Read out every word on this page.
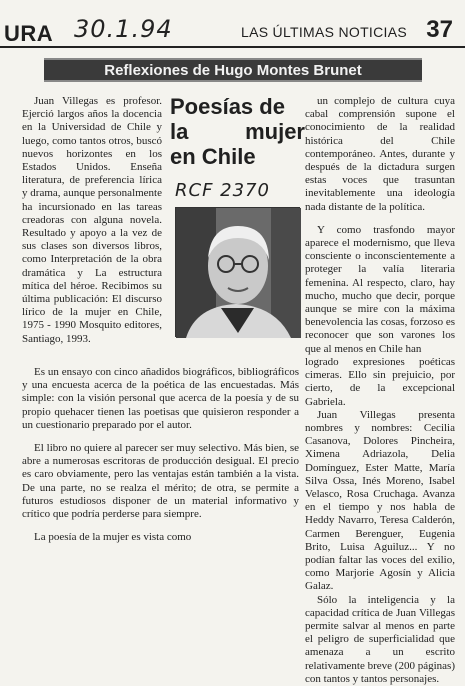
URA 30.1.94	LAS ÚLTIMAS NOTICIAS 37
Reflexiones de Hugo Montes Brunet

Juan Villegas es profesor. Ejerció largos años la docencia en la Universidad de Chile y luego, como tantos otros, buscó nuevos horizontes en los Estados Unidos. Enseña literatura, de preferencia lírica y drama, aunque personalmente ha incursionado en las tareas creadoras con alguna novela. Resultado y apoyo a la vez de sus clases son diversos libros, como Interpretación de la obra dramática y La estructura mítica del héroe. Recibimos su última publicación: El discurso lírico de la mujer en Chile, 1975 - 1990 Mosquito editores, Santiago, 1993.

Poesías de
la	mujer
en Chile
RCF 2370

Es un ensayo con cinco añadidos biográficos, bibliográficos y una encuesta acerca de la poética de las encuestadas. Más simple: con la visión personal que acerca de la poesía y de su propio quehacer tienen las poetisas que quisieron responder a un cuestionario preparado por el autor.

El libro no quiere al parecer ser muy selectivo. Más bien, se abre a numerosas escritoras de producción desigual. El precio es caro obviamente, pero las ventajas están también a la vista. De una parte, no se realza el mérito; de otra, se permite a futuros estudiosos disponer de un material informativo y crítico que podría perderse para siempre.

La poesía de la mujer es vista como

un complejo de cultura cuya cabal comprensión supone el conocimiento de la realidad histórica del Chile contemporáneo. Antes, durante y después de la dictadura surgen estas voces que trasuntan inevitablemente una ideología nada distante de la política.

Y como trasfondo mayor aparece el modernismo, que lleva consciente o inconscientemente a proteger la valía literaria femenina. Al respecto, claro, hay mucho, mucho que decir, porque aunque se mire con la máxima benevolencia las cosas, forzoso es reconocer que son varones los que al menos en Chile han

logrado expresiones poéticas cimeras. Ello sin prejuicio, por cierto, de la excepcional Gabriela.

Juan Villegas presenta nombres y nombres: Cecilia Casanova, Dolores Pincheira, Ximena Adriazola, Delia Domínguez, Ester Matte, María Silva Ossa, Inés Moreno, Isabel Velasco, Rosa Cruchaga. Avanza en el tiempo y nos habla de Heddy Navarro, Teresa Calderón, Carmen Berenguer, Eugenia Brito, Luisa Aguiluz... Y no podían faltar las voces del exilio, como Marjorie Agosín y Alicia Galaz.

Sólo la inteligencia y la capacidad crítica de Juan Villegas permite salvar al menos en parte el peligro de superficialidad que amenaza a un escrito relativamente breve (200 páginas) con tantos y tantos personajes.
